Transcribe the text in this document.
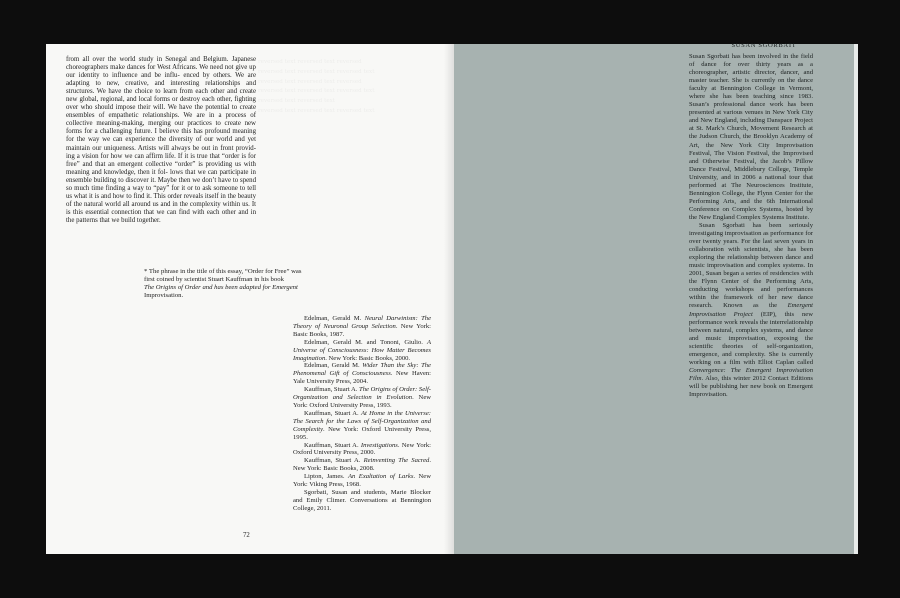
reversed text reversed text reversed
reversed text reversed text reversed text
reversed text reversed text reversed
reversed text reversed text reversed text
reversed text reversed text
reversed text reversed text reversed text
from all over the world study in Senegal and Belgium. Japanese choreographers make dances for West Africans. We need not give up our identity to influence and be influ- enced by others. We are adapting to new, creative, and interesting relationships and structures. We have the choice to learn from each other and create new global, regional, and local forms or destroy each other, fighting over who should impose their will. We have the potential to create ensembles of empathetic relationships. We are in a process of collective meaning-making, merging our practices to create new forms for a challenging future. I believe this has profound meaning for the way we can experience the diversity of our world and yet maintain our uniqueness. Artists will always be out in front provid- ing a vision for how we can affirm life. If it is true that “order is for free” and that an emergent collective “order” is providing us with meaning and knowledge, then it fol- lows that we can participate in ensemble building to discover it. Maybe then we don’t have to spend so much time finding a way to “pay” for it or to ask someone to tell us what it is and how to find it. This order reveals itself in the beauty of the natural world all around us and in the complexity within us. It is this essential connection that we can find with each other and in the patterns that we build together.
* The phrase in the title of this essay, “Order for Free” was
first coined by scientist Stuart Kauffman in his book
The Origins of Order and has been adapted for Emergent
Improvisation.

Edelman, Gerald M. Neural Darwinism: The Theory of Neuronal Group Selection. New York: Basic Books, 1987.

Edelman, Gerald M. and Tononi, Giulio. A Universe of Consciousness: How Matter Becomes Imagination. New York: Basic Books, 2000.

Edelman, Gerald M. Wider Than the Sky: The Phenomenal Gift of Consciousness. New Haven: Yale University Press, 2004.

Kauffman, Stuart A. The Origins of Order: Self-Organization and Selection in Evolution. New York: Oxford University Press, 1993.

Kauffman, Stuart A. At Home in the Universe: The Search for the Laws of Self-Organization and Complexity. New York: Oxford University Press, 1995.

Kauffman, Stuart A. Investigations. New York: Oxford University Press, 2000.

Kauffman, Stuart A. Reinventing The Sacred. New York: Basic Books, 2008.

Lipton, James. An Exaltation of Larks. New York: Viking Press, 1968.

Sgorbati, Susan and students, Marie Blocker and Emily Climer. Conversations at Bennington College, 2011.

72
SUSAN SGORBATI

Susan Sgorbati has been involved in the field of dance for over thirty years as a choreographer, artistic director, dancer, and master teacher. She is currently on the dance faculty at Bennington College in Vermont, where she has been teaching since 1983. Susan’s professional dance work has been presented at various venues in New York City and New England, including Danspace Project at St. Mark’s Church, Movement Research at the Judson Church, the Brooklyn Academy of Art, the New York City Improvisation Festival, The Vision Festival, the Improvised and Otherwise Festival, the Jacob’s Pillow Dance Festival, Middlebury College, Temple University, and in 2006 a national tour that performed at The Neurosciences Institute, Bennington College, the Flynn Center for the Performing Arts, and the 6th International Conference on Complex Systems, hosted by the New England Complex Systems Institute.

Susan Sgorbati has been seriously investigating improvisation as performance for over twenty years. For the last seven years in collaboration with scientists, she has been exploring the relationship between dance and music improvisation and complex systems. In 2001, Susan began a series of residencies with the Flynn Center of the Performing Arts, conducting workshops and performances within the framework of her new dance research. Known as the Emergent Improvisation Project (EIP), this new performance work reveals the interrelationship between natural, complex systems, and dance and music improvisation, exposing the scientific theories of self-organization, emergence, and complexity. She is currently working on a film with Elliot Caplan called Convergence: The Emergent Improvisation Film. Also, this winter 2012 Contact Editions will be publishing her new book on Emergent Improvisation.
